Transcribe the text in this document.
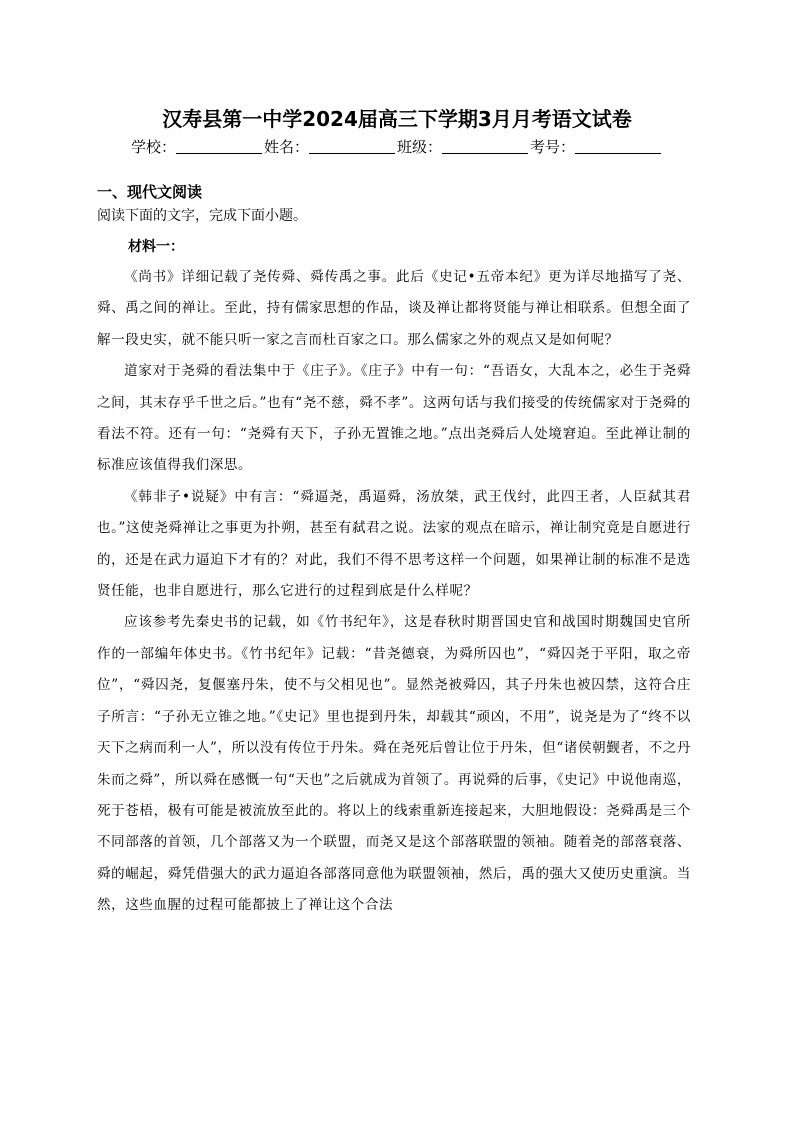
汉寿县第一中学2024届高三下学期3月月考语文试卷
学校：	姓名：	班级：	考号：
一、现代文阅读
阅读下面的文字，完成下面小题。
材料一：

《尚书》详细记载了尧传舜、舜传禹之事。此后《史记•五帝本纪》更为详尽地描写了尧、舜、禹之间的禅让。至此，持有儒家思想的作品，谈及禅让都将贤能与禅让相联系。但想全面了解一段史实，就不能只听一家之言而杜百家之口。那么儒家之外的观点又是如何呢？

道家对于尧舜的看法集中于《庄子》。《庄子》中有一句：“吾语女，大乱本之，必生于尧舜之间，其末存乎千世之后。”也有“尧不慈，舜不孝”。这两句话与我们接受的传统儒家对于尧舜的看法不符。还有一句：“尧舜有天下，子孙无置锥之地。”点出尧舜后人处境窘迫。至此禅让制的标准应该值得我们深思。

《韩非子•说疑》中有言：“舜逼尧，禹逼舜，汤放桀，武王伐纣，此四王者，人臣弑其君也。”这使尧舜禅让之事更为扑朔，甚至有弑君之说。法家的观点在暗示，禅让制究竟是自愿进行的，还是在武力逼迫下才有的？对此，我们不得不思考这样一个问题，如果禅让制的标准不是选贤任能，也非自愿进行，那么它进行的过程到底是什么样呢？

应该参考先秦史书的记载，如《竹书纪年》，这是春秋时期晋国史官和战国时期魏国史官所作的一部编年体史书。《竹书纪年》记载：“昔尧德衰，为舜所囚也”，“舜囚尧于平阳，取之帝位”，“舜囚尧，复偃塞丹朱，使不与父相见也”。显然尧被舜囚，其子丹朱也被囚禁，这符合庄子所言：“子孙无立锥之地。”《史记》里也提到丹朱，却载其“顽凶，不用”，说尧是为了“终不以天下之病而利一人”，所以没有传位于丹朱。舜在尧死后曾让位于丹朱，但“诸侯朝觐者，不之丹朱而之舜”，所以舜在感慨一句“天也”之后就成为首领了。再说舜的后事，《史记》中说他南巡，死于苍梧，极有可能是被流放至此的。将以上的线索重新连接起来，大胆地假设：尧舜禹是三个不同部落的首领，几个部落又为一个联盟，而尧又是这个部落联盟的领袖。随着尧的部落衰落、舜的崛起，舜凭借强大的武力逼迫各部落同意他为联盟领袖，然后，禹的强大又使历史重演。当然，这些血腥的过程可能都披上了禅让这个合法
